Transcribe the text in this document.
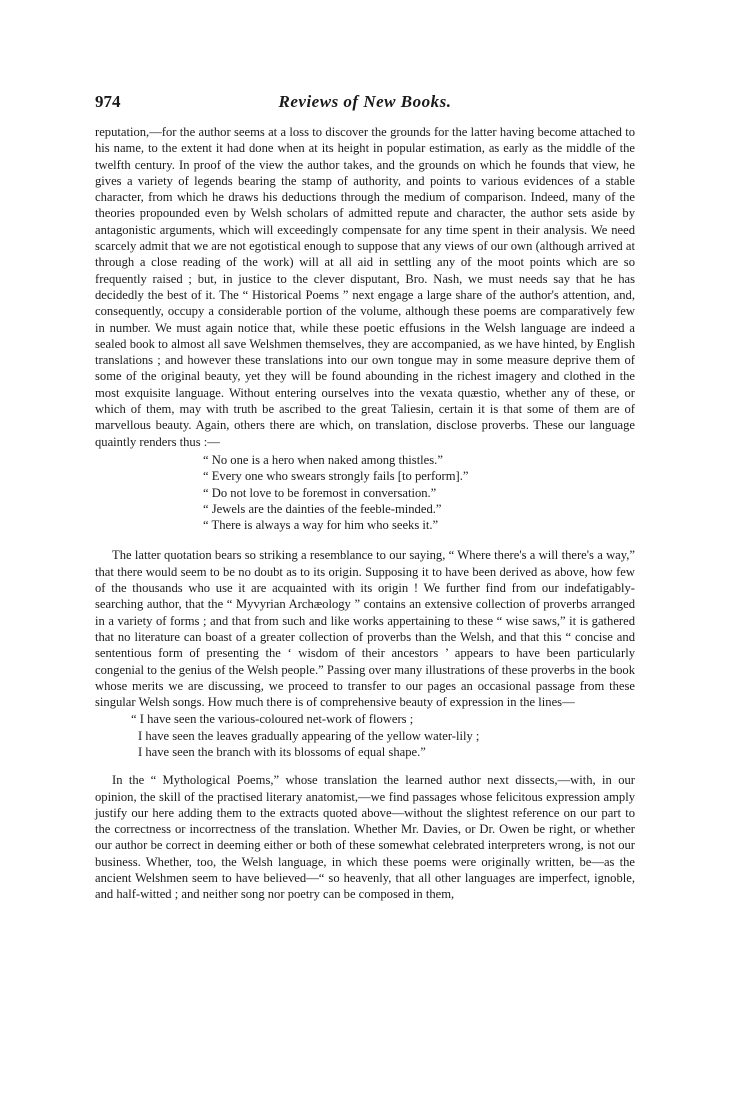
974	Reviews of New Books.

reputation,—for the author seems at a loss to discover the grounds for the latter having become attached to his name, to the extent it had done when at its height in popular estimation, as early as the middle of the twelfth century. In proof of the view the author takes, and the grounds on which he founds that view, he gives a variety of legends bearing the stamp of authority, and points to various evidences of a stable character, from which he draws his deductions through the medium of comparison. Indeed, many of the theories propounded even by Welsh scholars of admitted repute and character, the author sets aside by antagonistic arguments, which will exceedingly compensate for any time spent in their analysis. We need scarcely admit that we are not egotistical enough to suppose that any views of our own (although arrived at through a close reading of the work) will at all aid in settling any of the moot points which are so frequently raised ; but, in justice to the clever disputant, Bro. Nash, we must needs say that he has decidedly the best of it. The “ Historical Poems ” next engage a large share of the author's attention, and, consequently, occupy a considerable portion of the volume, although these poems are comparatively few in number. We must again notice that, while these poetic effusions in the Welsh language are indeed a sealed book to almost all save Welshmen themselves, they are accompanied, as we have hinted, by English translations ; and however these translations into our own tongue may in some measure deprive them of some of the original beauty, yet they will be found abounding in the richest imagery and clothed in the most exquisite language. Without entering ourselves into the vexata quæstio, whether any of these, or which of them, may with truth be ascribed to the great Taliesin, certain it is that some of them are of marvellous beauty. Again, others there are which, on translation, disclose proverbs. These our language quaintly renders thus :—

“ No one is a hero when naked among thistles.”
“ Every one who swears strongly fails [to perform].”
“ Do not love to be foremost in conversation.”
“ Jewels are the dainties of the feeble-minded.”
“ There is always a way for him who seeks it.”

The latter quotation bears so striking a resemblance to our saying, “ Where there's a will there's a way,” that there would seem to be no doubt as to its origin. Supposing it to have been derived as above, how few of the thousands who use it are acquainted with its origin ! We further find from our indefatigably-searching author, that the “ Myvyrian Archæology ” contains an extensive collection of proverbs arranged in a variety of forms ; and that from such and like works appertaining to these “ wise saws,” it is gathered that no literature can boast of a greater collection of proverbs than the Welsh, and that this “ concise and sententious form of presenting the ‘ wisdom of their ancestors ’ appears to have been particularly congenial to the genius of the Welsh people.” Passing over many illustrations of these proverbs in the book whose merits we are discussing, we proceed to transfer to our pages an occasional passage from these singular Welsh songs. How much there is of comprehensive beauty of expression in the lines—

“ I have seen the various-coloured net-work of flowers ;
I have seen the leaves gradually appearing of the yellow water-lily ;
I have seen the branch with its blossoms of equal shape.”

In the “ Mythological Poems,” whose translation the learned author next dissects,—with, in our opinion, the skill of the practised literary anatomist,—we find passages whose felicitous expression amply justify our here adding them to the extracts quoted above—without the slightest reference on our part to the correctness or incorrectness of the translation. Whether Mr. Davies, or Dr. Owen be right, or whether our author be correct in deeming either or both of these somewhat celebrated interpreters wrong, is not our business. Whether, too, the Welsh language, in which these poems were originally written, be—as the ancient Welshmen seem to have believed—“ so heavenly, that all other languages are imperfect, ignoble, and half-witted ; and neither song nor poetry can be composed in them,
